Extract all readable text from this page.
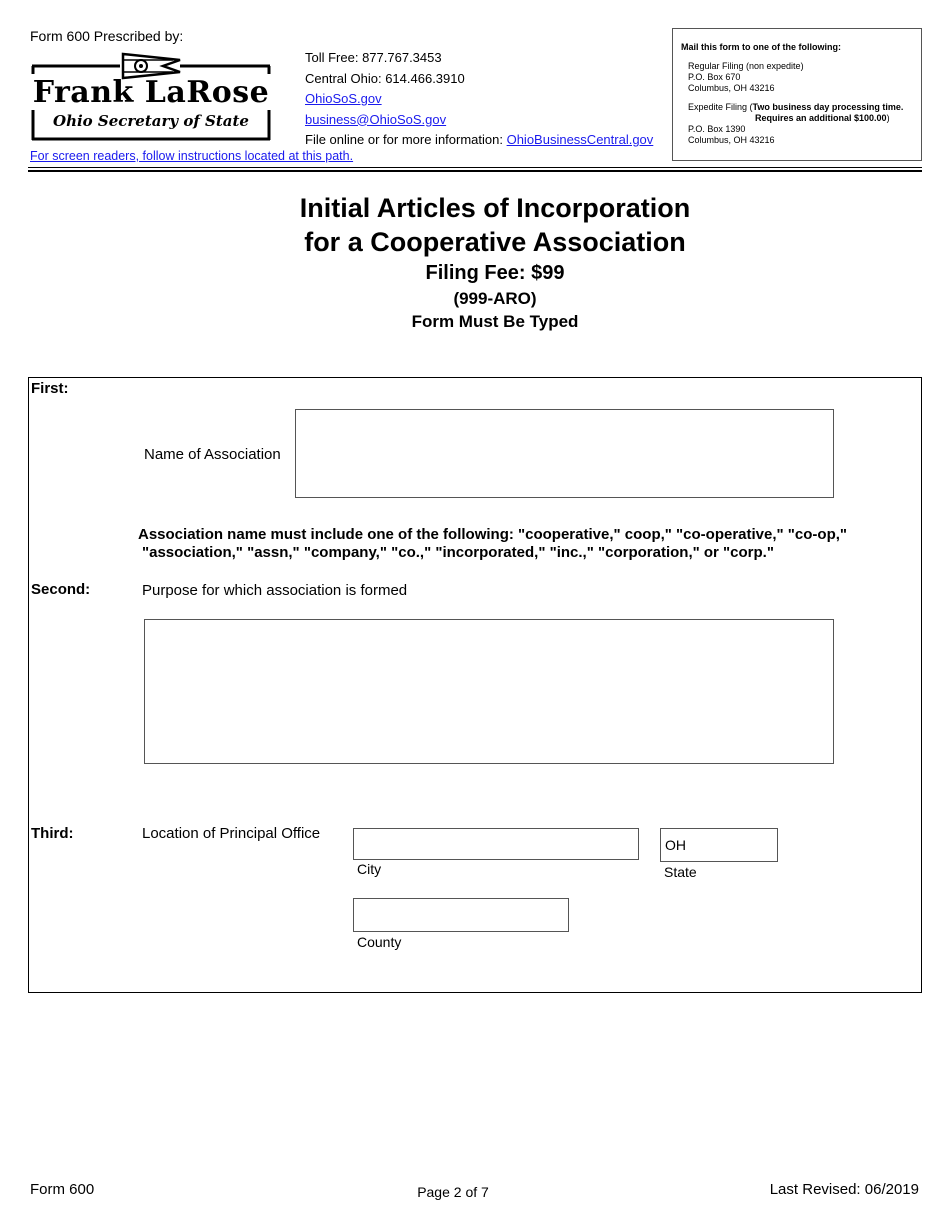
Form 600 Prescribed by:
Frank LaRose
Ohio Secretary of State
Toll Free: 877.767.3453
Central Ohio: 614.466.3910
OhioSoS.gov
business@OhioSoS.gov
File online or for more information: OhioBusinessCentral.gov
For screen readers, follow instructions located at this path.
Mail this form to one of the following:
Regular Filing (non expedite)
P.O. Box 670
Columbus, OH 43216
Expedite Filing (Two business day processing time.
Requires an additional $100.00)
P.O. Box 1390
Columbus, OH 43216
Initial Articles of Incorporation
for a Cooperative Association
Filing Fee: $99
(999-ARO)
Form Must Be Typed
First:
Name of Association
Association name must include one of the following: "cooperative," coop," "co-operative," "co-op,"
"association," "assn," "company," "co.," "incorporated," "inc.," "corporation," or "corp."
Second:	Purpose for which association is formed
Third:	Location of Principal Office
City
OH
State
County
Form 600	Page 2 of 7	Last Revised: 06/2019
